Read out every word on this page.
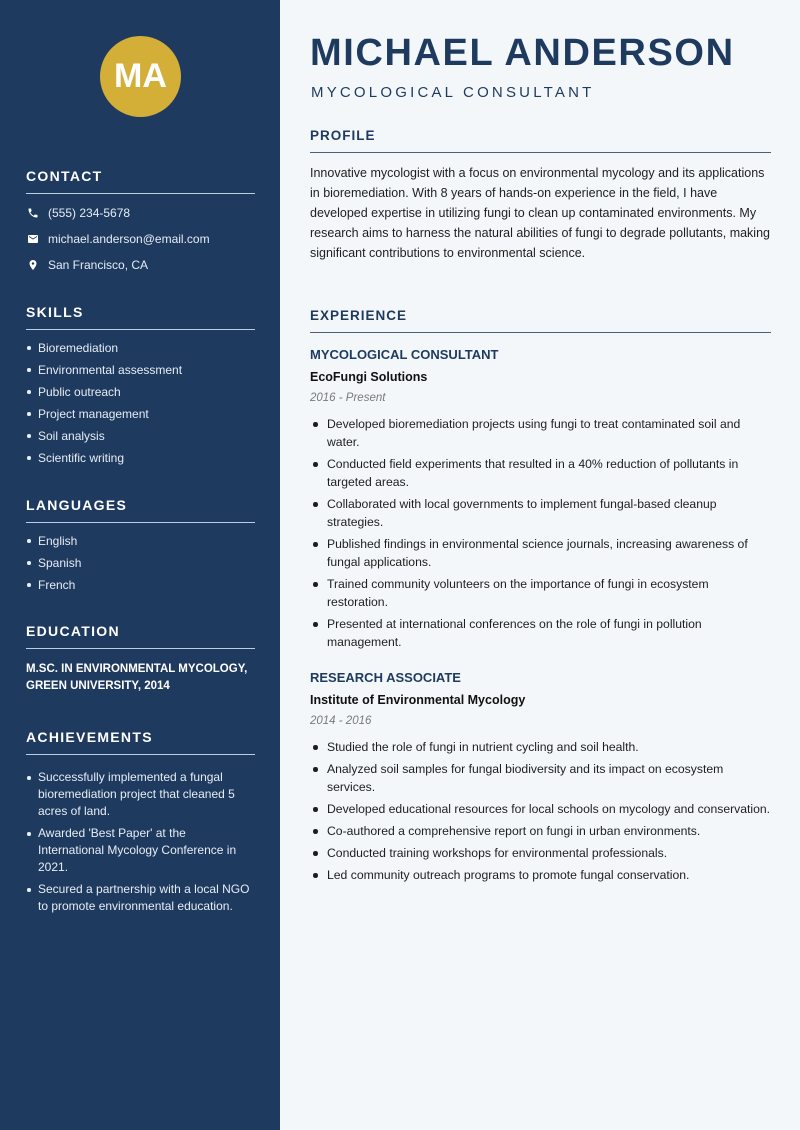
MA
CONTACT
(555) 234-5678
michael.anderson@email.com
San Francisco, CA
SKILLS
Bioremediation
Environmental assessment
Public outreach
Project management
Soil analysis
Scientific writing
LANGUAGES
English
Spanish
French
EDUCATION

M.SC. IN ENVIRONMENTAL MYCOLOGY, GREEN UNIVERSITY, 2014

ACHIEVEMENTS
Successfully implemented a fungal bioremediation project that cleaned 5 acres of land.
Awarded 'Best Paper' at the International Mycology Conference in 2021.
Secured a partnership with a local NGO to promote environmental education.
MICHAEL ANDERSON
MYCOLOGICAL CONSULTANT
PROFILE

Innovative mycologist with a focus on environmental mycology and its applications in bioremediation. With 8 years of hands-on experience in the field, I have developed expertise in utilizing fungi to clean up contaminated environments. My research aims to harness the natural abilities of fungi to degrade pollutants, making significant contributions to environmental science.

EXPERIENCE
MYCOLOGICAL CONSULTANT
EcoFungi Solutions
2016 - Present
Developed bioremediation projects using fungi to treat contaminated soil and water.
Conducted field experiments that resulted in a 40% reduction of pollutants in targeted areas.
Collaborated with local governments to implement fungal-based cleanup strategies.
Published findings in environmental science journals, increasing awareness of fungal applications.
Trained community volunteers on the importance of fungi in ecosystem restoration.
Presented at international conferences on the role of fungi in pollution management.
RESEARCH ASSOCIATE
Institute of Environmental Mycology
2014 - 2016
Studied the role of fungi in nutrient cycling and soil health.
Analyzed soil samples for fungal biodiversity and its impact on ecosystem services.
Developed educational resources for local schools on mycology and conservation.
Co-authored a comprehensive report on fungi in urban environments.
Conducted training workshops for environmental professionals.
Led community outreach programs to promote fungal conservation.
